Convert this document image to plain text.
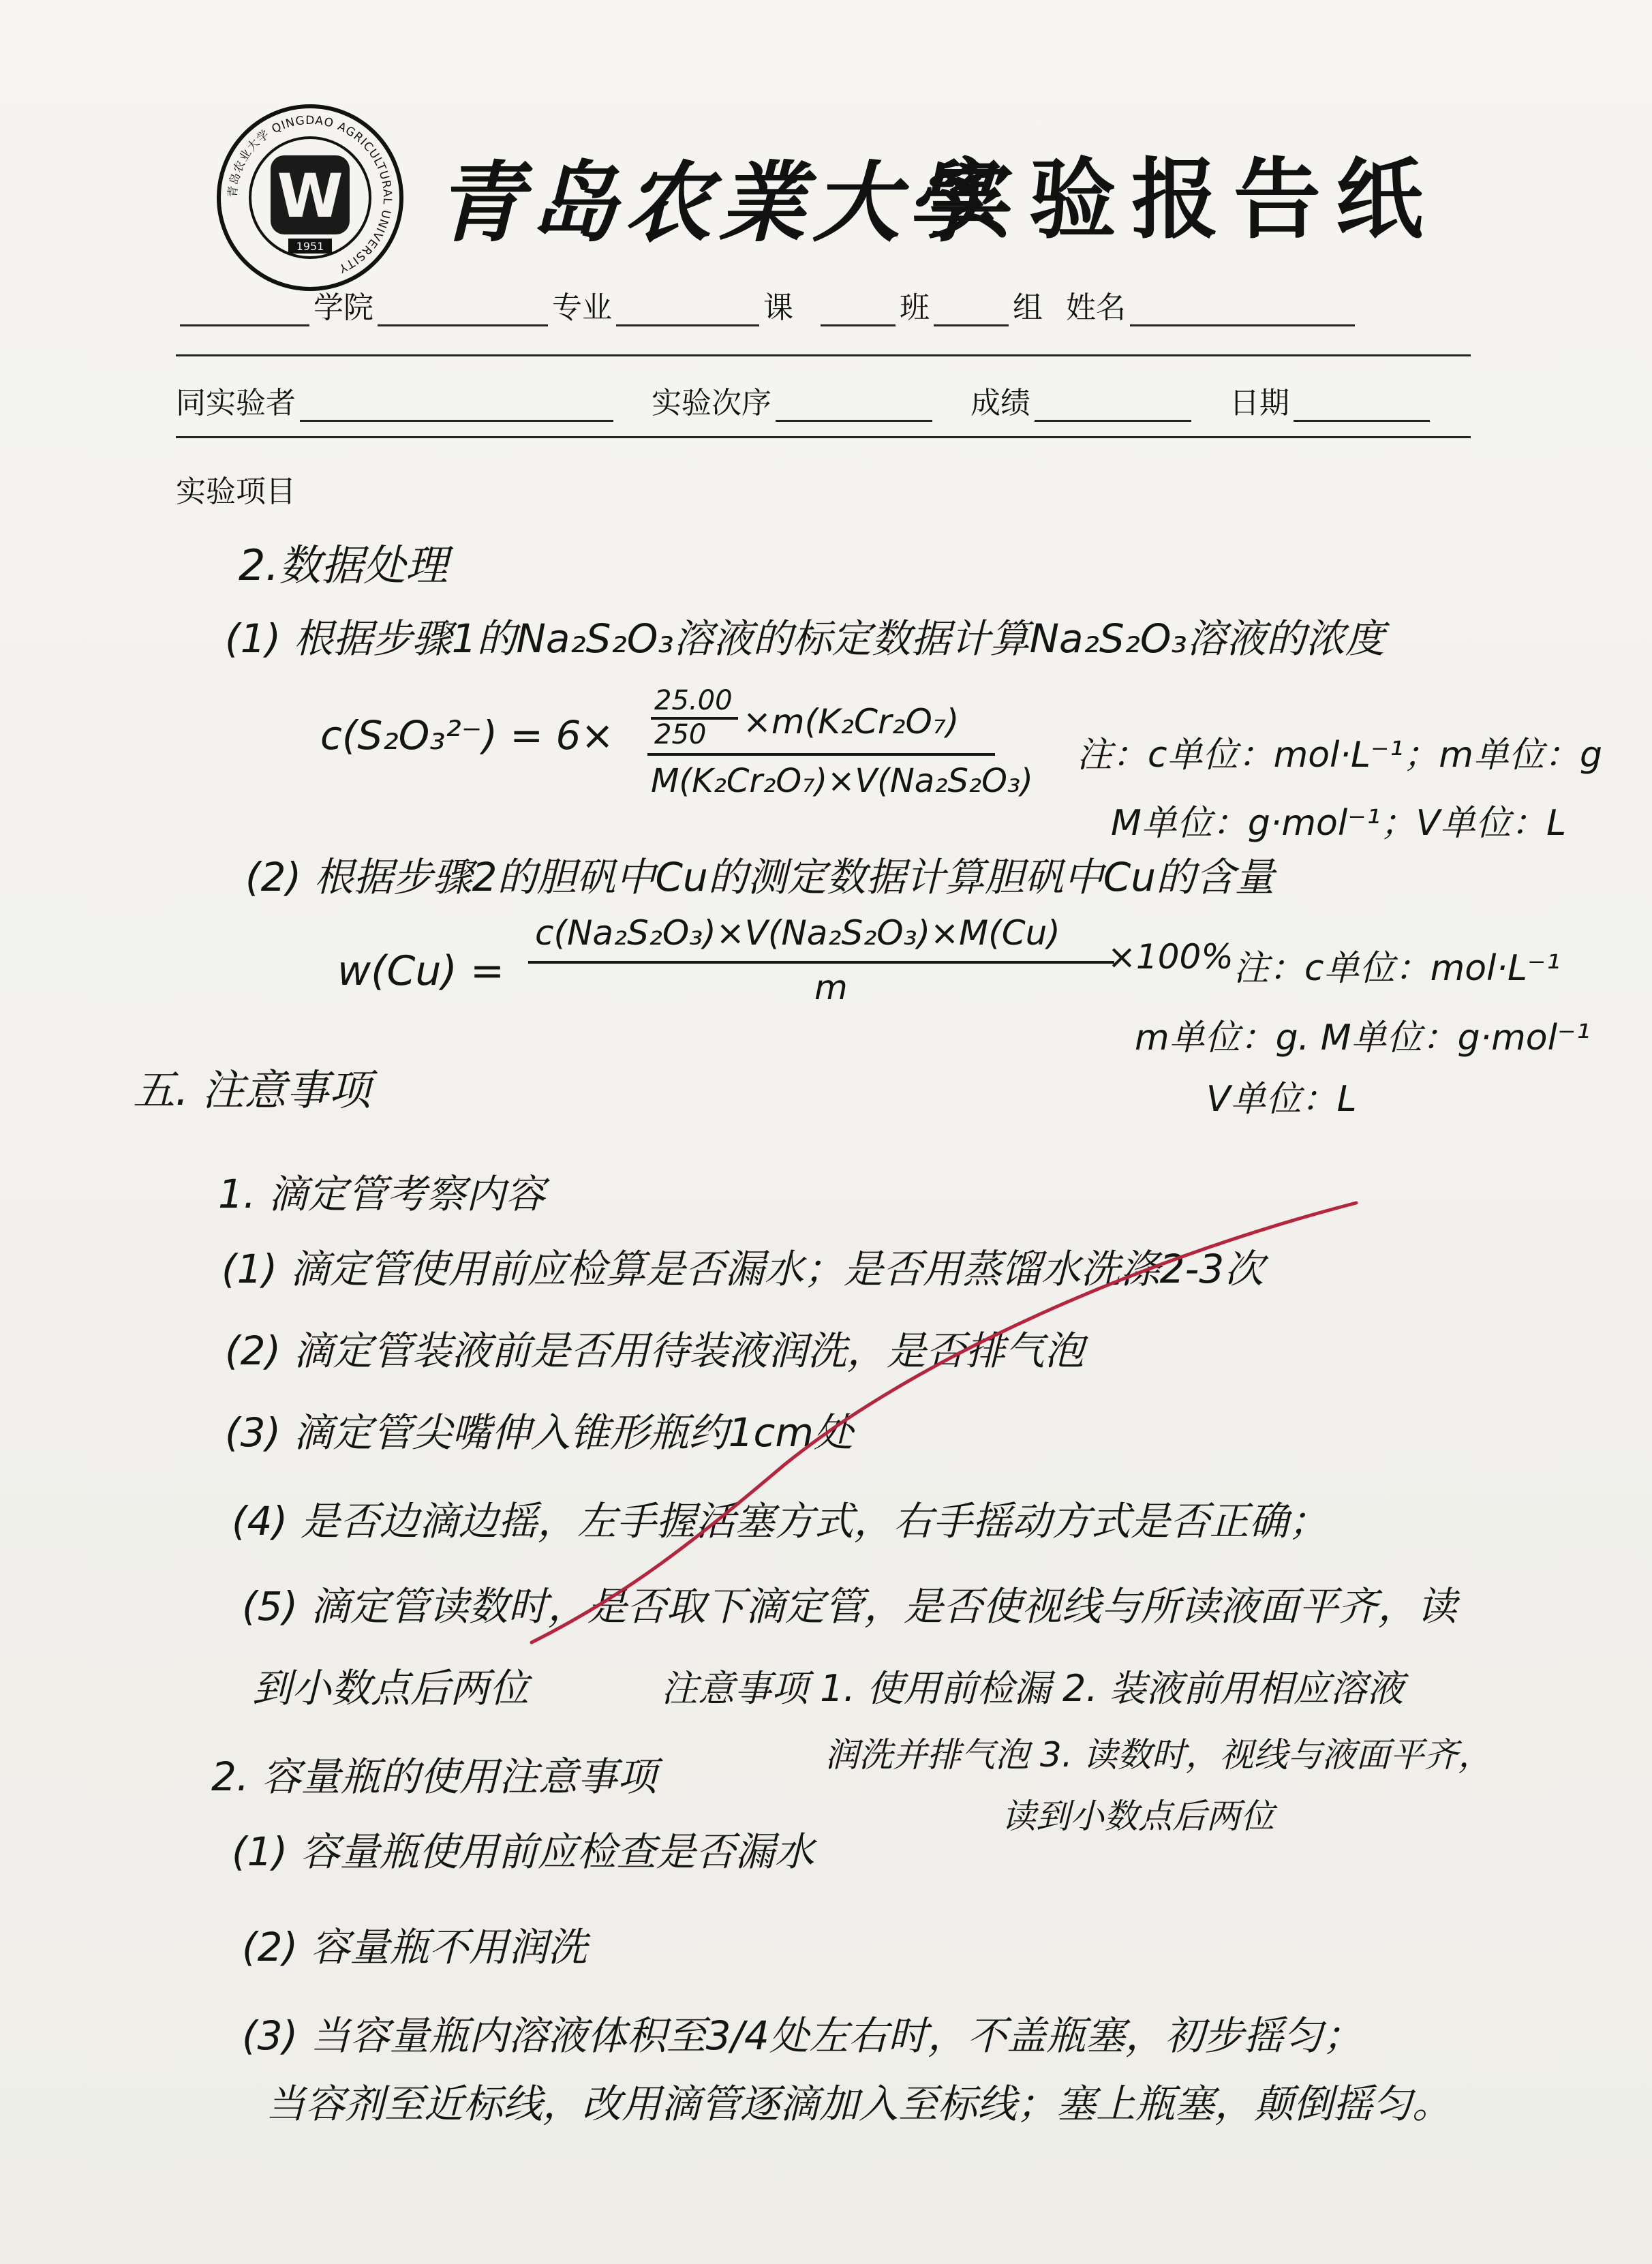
青岛农业大学 QINGDAO AGRICULTURAL UNIVERSITY
W
1951 青岛农業大學
实验报告纸
学院	专业	课	班	组 姓名
同实验者	实验次序	成绩	日期
实验项目
2.数据处理
(1) 根据步骤1的Na₂S₂O₃溶液的标定数据计算Na₂S₂O₃溶液的浓度
c(S₂O₃²⁻) = 6×
25.00
250 ×m(K₂Cr₂O₇)
M(K₂Cr₂O₇)×V(Na₂S₂O₃)
注：c单位：mol·L⁻¹；m单位：g
M单位：g·mol⁻¹；V单位：L
(2) 根据步骤2的胆矾中Cu的测定数据计算胆矾中Cu的含量
w(Cu) =
c(Na₂S₂O₃)×V(Na₂S₂O₃)×M(Cu)
m
×100% 注：c单位：mol·L⁻¹
m单位：g. M单位：g·mol⁻¹
V单位：L
五. 注意事项
1. 滴定管考察内容
(1) 滴定管使用前应检算是否漏水；是否用蒸馏水洗涤2-3次
(2) 滴定管装液前是否用待装液润洗，是否排气泡
(3) 滴定管尖嘴伸入锥形瓶约1cm处
(4) 是否边滴边摇，左手握活塞方式，右手摇动方式是否正确；
(5) 滴定管读数时，是否取下滴定管，是否使视线与所读液面平齐，读
到小数点后两位	注意事项 1. 使用前检漏 2. 装液前用相应溶液
润洗并排气泡 3. 读数时，视线与液面平齐，
读到小数点后两位
2. 容量瓶的使用注意事项
(1) 容量瓶使用前应检查是否漏水
(2) 容量瓶不用润洗
(3) 当容量瓶内溶液体积至3/4处左右时，不盖瓶塞，初步摇匀；
当容剂至近标线，改用滴管逐滴加入至标线；塞上瓶塞，颠倒摇匀。
